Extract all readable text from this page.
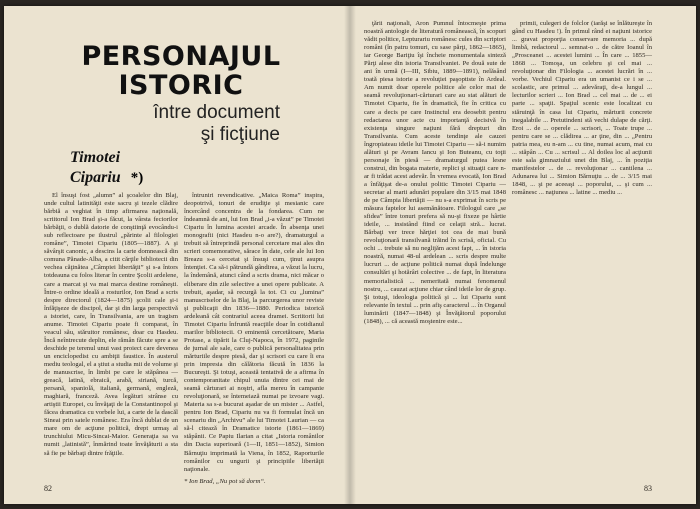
PERSONAJUL
ISTORIC
între document
şi ficţiune
Timotei
Cipariu *)

El însuşi fost „alumn” al şcoalelor din Blaj, unde cultul latinităţii este sacru şi tezele clădire bărbiă a veghiat în timp afirmarea naţională, scriitorul Ion Brad şi-a făcut, la vârsta feciorilor bărbăţii, o dublă datorie de conştiinţă evocându-i sub reflectoare pe ilustrul „părinte al filologiei române”, Timotei Cipariu (1805—1887). A şi săvârşit canonic, a descins la carte domnească din comuna Pănade-Alba, a citit cărţile bibliotecii din vechea căţinătea „Câmpiei libertăţii” şi s-a întors totdeauna cu folos literar în centre Şcolii ardelene, care a marcat şi va mai marca destine româneşti. Între-o ordine ideală a rosturilor, Ion Brad a scris despre directorul (1824—1875) şcolii cale şi-i înfăţişeze de discipol, dar şi din larga perspectivă a istoriei, care, în Transilvania, are un tragism anume. Timotei Cipariu poate fi comparat, în veacul său, stăruitor românesc, doar cu Hasdeu. Încă neîntrecute deplin, ele rămân făcute spre a se deschide pe terenul unui vast proiect care devenea un enciclopedist cu ambiţii faustice. În austerul mediu teologal, el a ştiut a studia mii de volume şi de manuscrise, în limbi pe care le stăpânea — greacă, latină, ebraică, arabă, siriană, turcă, persană, spaniolă, italiană, germană, engleză, maghiară, franceză. Avea legături strânse cu artiştii Europei, cu învăţaţi de la Constantinopol şi făcea dramatica cu vorbele lui, a carte de la dascăl Sineai prin satele românesc. Era încă dublat de un mare om de acţiune politică, drept urmaş al trunchiului Micu-Sincai-Maior. Generaţia sa va numit „latinistă”, înmărind toate învăţăturii a sta să fie pe bărbaţi dintre frăţiile.

întruniri revendicative. „Maica Roma” inspira, deopotrivă, tonuri de erudiţie şi mesianic care încercând concentra de la fondarea. Cum ne îndeamnă de ani, lui Ion Brad „i-a văzut” pe Timotei Cipariu în lumina acestei arcade. În absenţa unei monografii (nici Hasdeu n-o are?), dramaturgul a trebuit să întreprindă personal cercetare mai ales din scrieri comemorative, sărace în date, cele ale lui Ion Breazu s-a cercetat şi însuşi cum, ţinut asupra întenţiei. Ca să-i pătrundă gândirea, a văzut la lucru, la îndemână, atunci când a scris drama, nici măcar o eliberare din zile selective a unei opere publicate. A trebuit, aşadar, să recurgă la tot. Ci cu „lumina” manuscriselor de la Blaj, la parcurgerea unor reviste şi publicaţii din 1836—1880. Periodica istorică ardeleană cât contrariul aceea dramei. Scriitorii lui Timotei Cipariu înfruntă reacţiile doar în cotidianul marilor bibliotecii. O eminentă cercetătoare, Maria Protase, a tipărit la Cluj-Napoca, în 1972, paginile de jurnal ale sale, care o publică personalitatea prin mărturiile despre piesă, dar şi scrisori cu care îi era prin impresia din călătoria făcută în 1836 la Bucureşti. Şi totuşi, această tentativă de a afirma în contemporanitate chipul unuia dintre cei mai de seamă cărturari ai noştri, afla mereu în campanie revoluţionară, se întemeiază numai pe izvoare vagi. Materia sa s-a bucurat aşadar de un mister ... Astfel, pentru Ion Brad, Cipariu nu va fi formulat încă un scenariu din „Archivu” ale lui Timotei Laurian — ca să-l citează în Dramatice istorie (1861—1869) stăpânii. Ce Papiu Ilarian a citat „Istoria românilor din Dacia superioară (1—II, 1851—1852), Simion Bărnuţiu imprimată la Viena, în 1852, Raporturile românilor cu ungurii şi principiile libertăţii naţionale.

* Ion Brad, „Nu pot să dorm“.
82

ţării naţionali, Aron Pumnul întocmeşte prima noastră antologie de literatură românească, în scopuri vădit politice, Lepturariu românesc cules din scriptori români (în patru tomuri, cu sase părţi, 1862—1865), iar George Bariţiu îşi încheie monumentala sinteză Părţi alese din istoria Transilvaniei. Pe două sute de ani în urmă (I—III, Sibiu, 1889—1891), nelăsând toată piesa istorie a revoluţiei paşoptiste în Ardeal. Am numit doar operele politice ale celor mai de seamă revoluţionari-cărturari care au stat alături de Timotei Cipariu, fie în dramatică, fie în critica cu care a decis pe care Instinctul era deosebit pentru redactarea unor acte cu importanţă decisivă în existenţa singure naţiuni fără drepturi din Transilvania. Cum aceste tendinţe ale cauzei îngropiateau ideile lui Timotei Cipariu — să-i numim alături şi pe Avram Iancu şi Ion Buteanu, cu toţii personaje în piesă — dramaturgul putea lesne construi, din bogata materie, replici şi situaţii care n-ar fi trădat acest adevăr. În vremea evocată, Ion Brad a înfăţişat de-a onului politic Timotei Cipariu — secretar al marii adunări populare din 3/15 mai 1848 de pe Câmpia libertăţii — nu s-a exprimat în scris pe măsura faptelor lui asemănătoare. Filologul care „se sfidea” între tonuri prefera să nu-şi fixeze pe hârtie ideile, ... insistând fiind ce celaţii stră... lucrat. Bărbaţi ver trece hărţiei tot cea de mai bună revoluţionară transilvană trăind în scrisă, oficial. Cu ochi ... trebuie să nu neglijăm acest fapt, ... în istoria noastră, numai 48-ul ardelean ... scris despre multe lucruri ... de acţiune politică numai după îndelunge consultări şi hotărâri colective ... de fapt, în literatura memorialistică ... nemeritată numai fenomenul nostru, ... cauzat acţiune chiar când ideile lor de grup. Şi totuşi, ideologia politică şi ... lui Cipariu sunt relevante în textul ... prin afiş caracterul ... în Organul luminării (1847—1848) şi Învăţătorul poporului (1848), ... că această moştenire este...

primii, culegeri de folclor (iarăşi se înlătureşte în gând cu Hasdeu !). În primul rând ei naţiuni istorice ... gravat proporţia conservare memoria ... după limbă, redactorul ... semnat-o .. de către Ioanul în „Prosceanei ... acestei lumini ... În care ... 1855—1868 ... Tomoşa, un celebru şi cel mai ... revoluţionar din Filologia ... acestei lucrări în ... vorbe. Vechiul Cipariu era un umanist ce i se ... scolastic, are primul ... adevăraţi, de-a lungul ... lecturilor scrieri ... Ion Brad ... cel mai ... de ... ei parte ... spaţii. Spaţiul scenic este localizat cu stăruinţă în casa lui Cipariu, mărturii concrete inegalabile ... Pretutindeni stă vechi dulape de cărţi. Eroi ... de ... operele ... scrisori, ... Toate trupe ... pentru care se ... clădirea ... ar ţine, din ... „Pentru patria mea, eu n-am ... cu tine, numai acum, mai cu ... stăpân ... Cu ... scrisul ... Al doilea loc al acţiunii este sala gimnaziului unei din Blaj, ... în poziţia manifestelor ... de ... revoluţionar ... cantilena ... Adunarea lui ... Simion Bărnuţiu ... de ... 3/15 mai 1848, ... şi pe aceeaşi ... poporului, ... şi cum ... românesc ... naţiunea ... latine ... mediu ...

83
